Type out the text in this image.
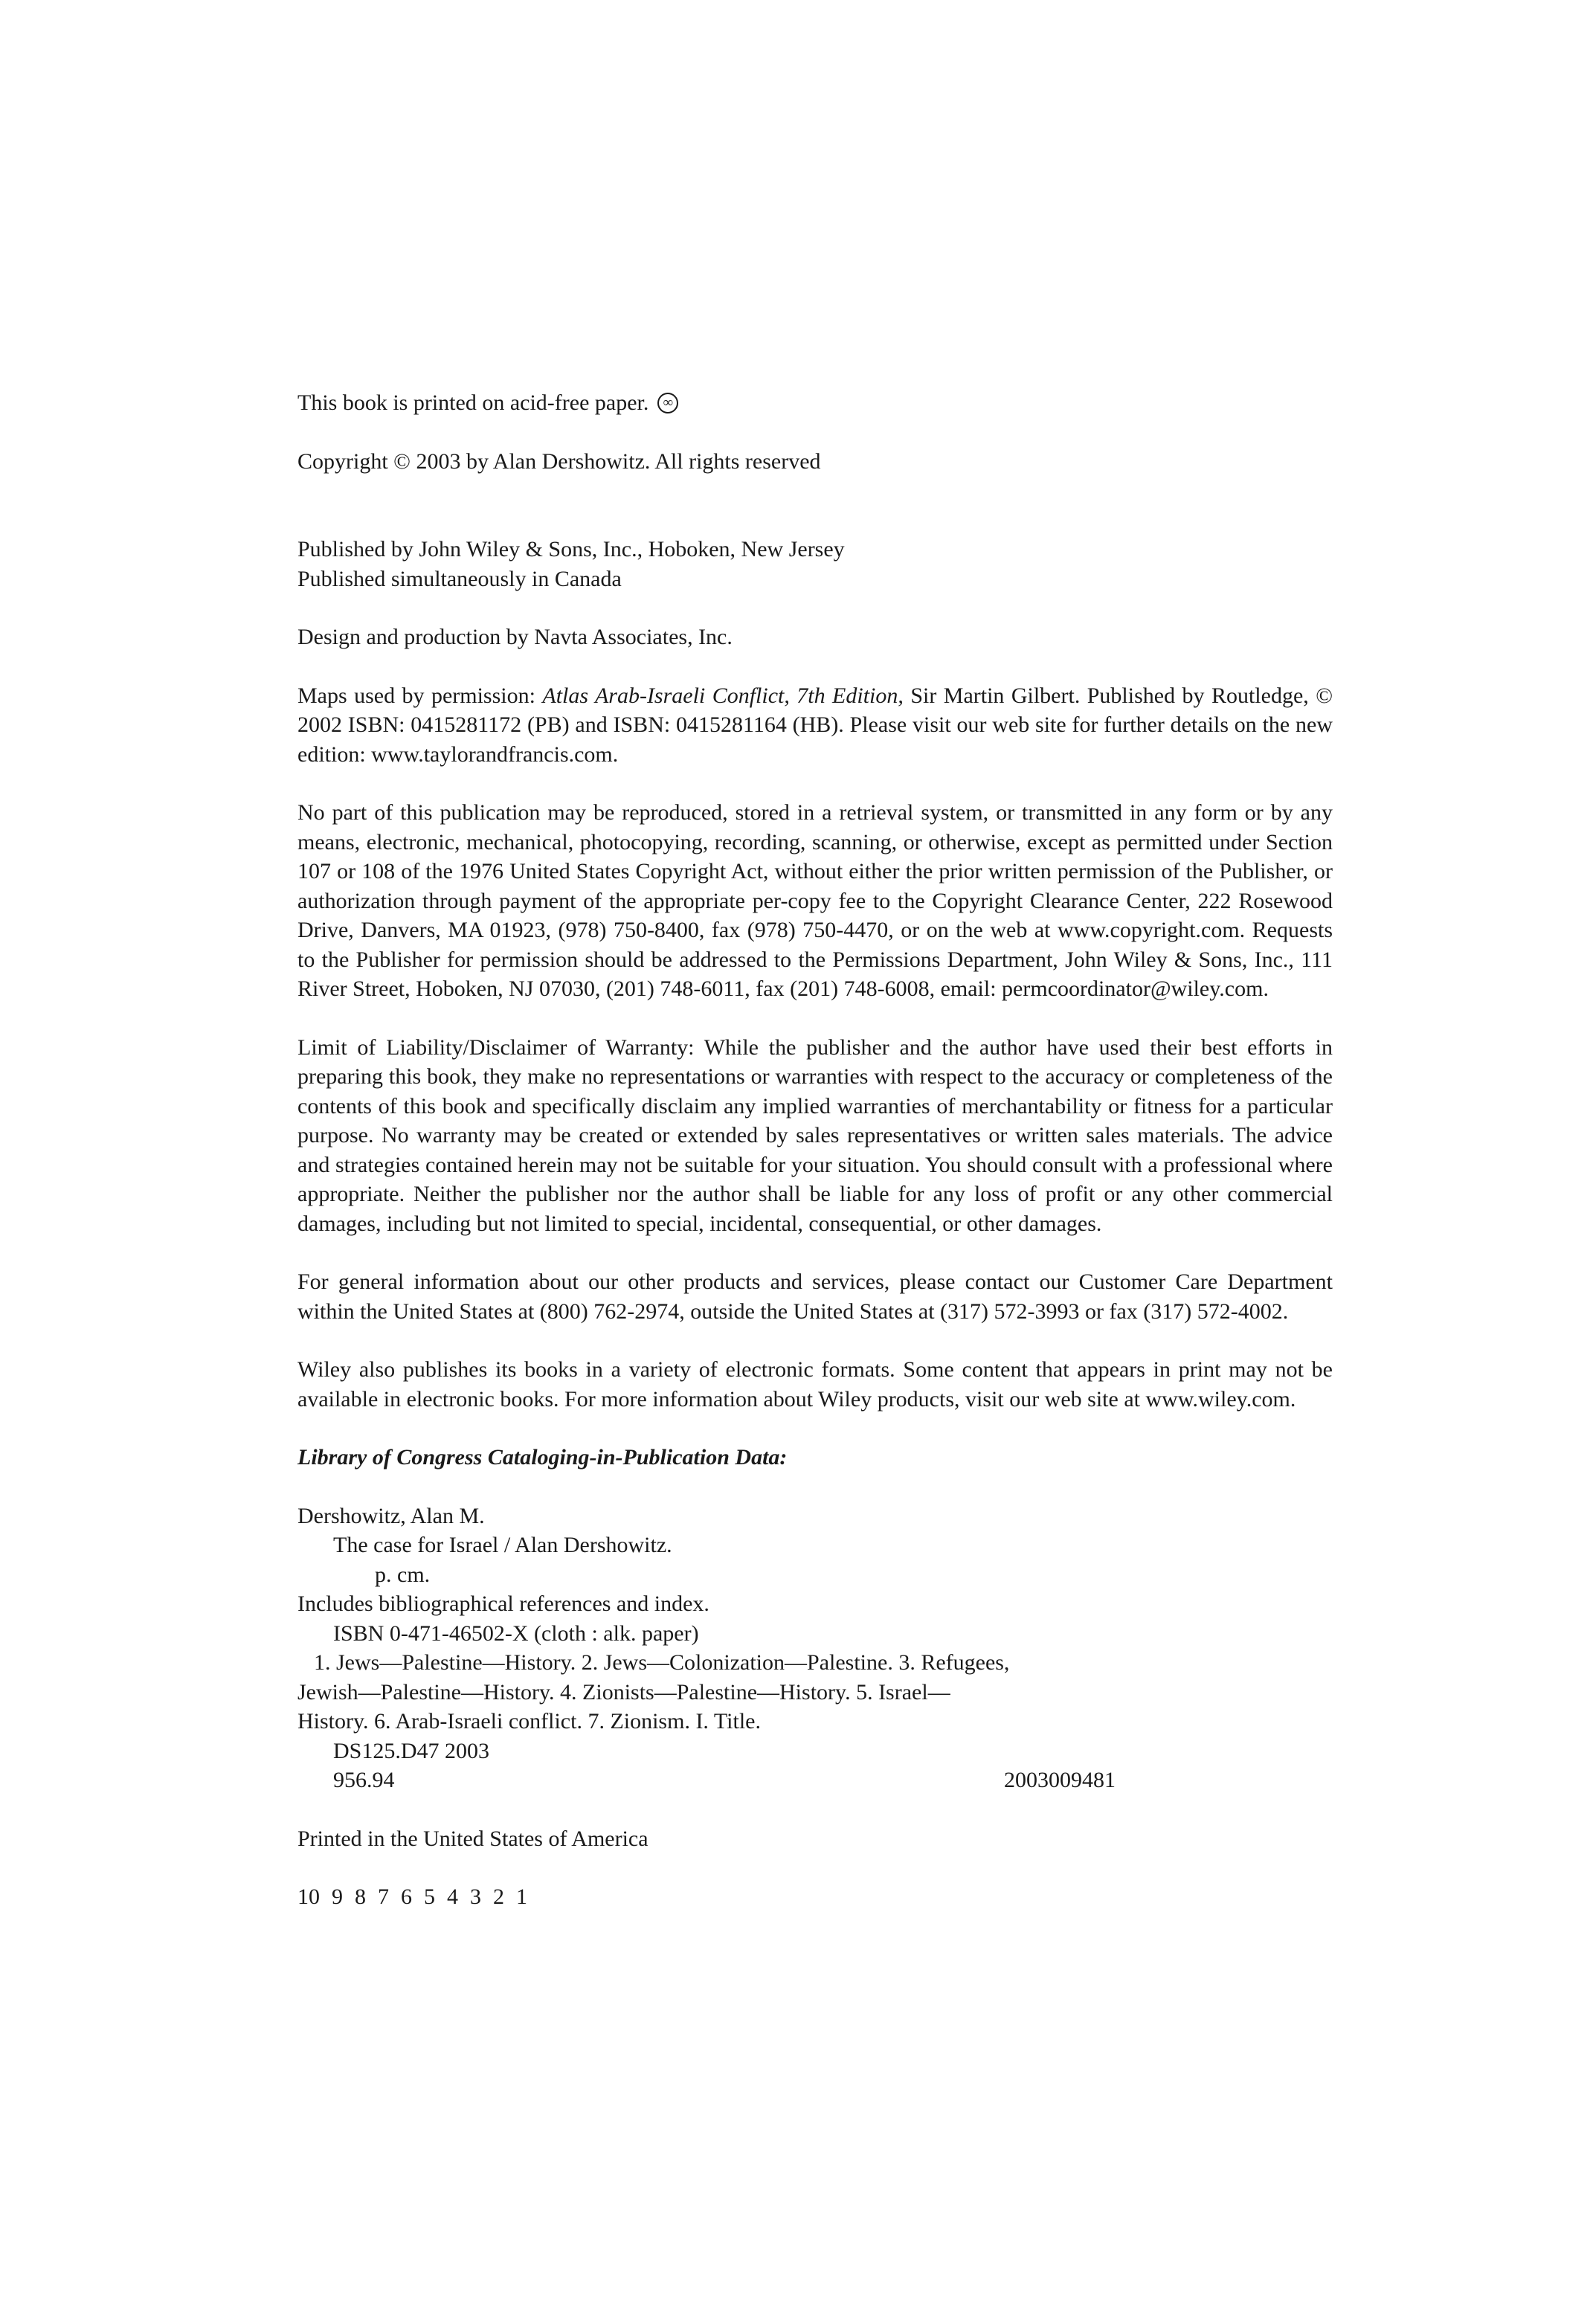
This book is printed on acid-free paper. ∞

Copyright © 2003 by Alan Dershowitz. All rights reserved

Published by John Wiley & Sons, Inc., Hoboken, New Jersey

Published simultaneously in Canada

Design and production by Navta Associates, Inc.

Maps used by permission: Atlas Arab-Israeli Conflict, 7th Edition, Sir Martin Gilbert. Published by Routledge, © 2002 ISBN: 0415281172 (PB) and ISBN: 0415281164 (HB). Please visit our web site for further details on the new edition: www.taylorandfrancis.com.

No part of this publication may be reproduced, stored in a retrieval system, or transmitted in any form or by any means, electronic, mechanical, photocopying, recording, scanning, or otherwise, except as permitted under Section 107 or 108 of the 1976 United States Copyright Act, without either the prior written permission of the Publisher, or authorization through payment of the appropriate per-copy fee to the Copyright Clearance Center, 222 Rosewood Drive, Danvers, MA 01923, (978) 750-8400, fax (978) 750-4470, or on the web at www.copyright.com. Requests to the Publisher for permission should be addressed to the Permissions Department, John Wiley & Sons, Inc., 111 River Street, Hoboken, NJ 07030, (201) 748-6011, fax (201) 748-6008, email: permcoordinator@wiley.com.

Limit of Liability/Disclaimer of Warranty: While the publisher and the author have used their best efforts in preparing this book, they make no representations or warranties with respect to the accuracy or completeness of the contents of this book and specifically disclaim any implied warranties of merchantability or fitness for a particular purpose. No warranty may be created or extended by sales representatives or written sales materials. The advice and strategies contained herein may not be suitable for your situation. You should consult with a professional where appropriate. Neither the publisher nor the author shall be liable for any loss of profit or any other commercial damages, including but not limited to special, incidental, consequential, or other damages.

For general information about our other products and services, please contact our Customer Care Department within the United States at (800) 762-2974, outside the United States at (317) 572-3993 or fax (317) 572-4002.

Wiley also publishes its books in a variety of electronic formats. Some content that appears in print may not be available in electronic books. For more information about Wiley products, visit our web site at www.wiley.com.

Library of Congress Cataloging-in-Publication Data:

Dershowitz, Alan M.

The case for Israel / Alan Dershowitz.

p. cm.

Includes bibliographical references and index.

ISBN 0-471-46502-X (cloth : alk. paper)

1. Jews—Palestine—History. 2. Jews—Colonization—Palestine. 3. Refugees,

Jewish—Palestine—History. 4. Zionists—Palestine—History. 5. Israel—

History. 6. Arab-Israeli conflict. 7. Zionism. I. Title.

DS125.D47 2003

956.94	2003009481

Printed in the United States of America

10 9 8 7 6 5 4 3 2 1
